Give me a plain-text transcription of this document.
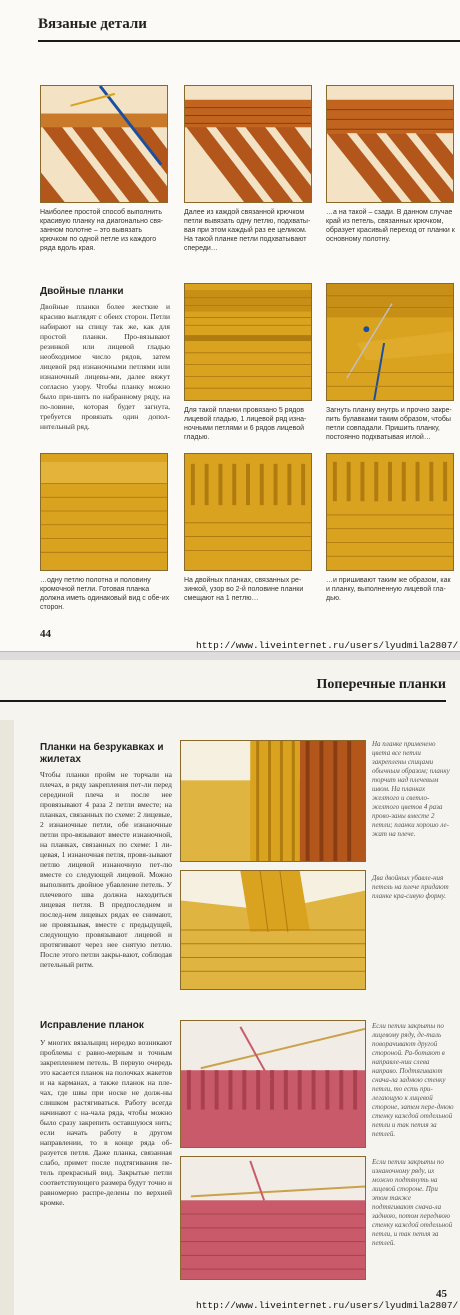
Вязаные детали
Наиболее простой способ выполнить красивую планку на диагонально свя-занном полотне – это вывязать крючком по одной петле из каждого ряда вдоль края.
Далее из каждой связанной крючком петли вывязать одну петлю, подхваты-вая при этом каждый раз ее целиком. На такой планке петли подхватывают спереди…
…а на такой – сзади. В данном случае край из петель, связанных крючком, образует красивый переход от планки к основному полотну.
Двойные планки
Двойные планки более жесткие и красиво выглядят с обеих сторон. Петли набирают на спицу так же, как для простой планки. Про-вязывают резинкой или лицевой гладью необходимое число рядов, затем лицевой ряд изнаночными петлями или изнаночный лицевы-ми, далее вяжут согласно узору. Чтобы планку можно было при-шить по набранному ряду, на по-ловине, которая будет загнута, требуется провязать один допол-нительный ряд.
Для такой планки провязано 5 рядов лицевой гладью, 1 лицевой ряд изна-ночными петлями и 6 рядов лицевой гладью.
Загнуть планку внутрь и прочно закре-пить булавками таким образом, чтобы петли совпадали. Пришить планку, постоянно подхватывая иглой…
…одну петлю полотна и половину кромочной петли. Готовая планка должна иметь одинаковый вид с обе-их сторон.
На двойных планках, связанных ре-зинкой, узор во 2-й половине планки смещают на 1 петлю…
…и пришивают таким же образом, как и планку, выполненную лицевой гла-дью.
44
http://www.liveinternet.ru/users/lyudmila2807/
Поперечные планки
Планки на безрукавках и жилетах
Чтобы планки пройм не торчали на плечах, в ряду закрепления пет-ли перед серединой плеча и после нее провязывают 4 раза 2 петли вместе; на планках, связанных по схеме: 2 лицевые, 2 изнаночные петли, обе изнаночные петли про-вязывают вместе изнаночной, на планках, связанных по схеме: 1 ли-цевая, 1 изнаночная петля, провя-зывают петлю лицевой изнаночную пет-лю вместе со следующей лицевой. Можно выполнить двойное убавление петель. У плечевого шва должна находиться лицевая петля. В предпоследнем и послед-нем лицевых рядах ее снимают, не провязывая, вместе с предыдущей, следующую провязывают лицевой и протягивают через нее снятую петлю. После этого петли закры-вают, соблюдая петельный ритм.
На планке применено цвета все петли закреплены спицами обычным образом; планку торчит над плечевым швом. На планках желтого и светло-желтого цветов 4 раза прово-заны вместе 2 петли; планки хорошо ле-жат на плече.
Два двойных убавле-ния петель на плече придают планке кра-сивую форму.
Исправление планок
У многих вязальщиц нередко возникают проблемы с равно-мерным и точным закреплением петель. В первую очередь это касается планок на полочках жакетов и на карманах, а также планок на пле-чах, где швы при носке не долж-ны слишком растягиваться. Работу всегда начинают с на-чала ряда, чтобы можно было сразу закрепить оставшуюся нить; если начать работу в другом направлении, то в конце ряда об-разуется петля. Даже планка, связанная слабо, примет после подтягивания пе-тель прекрасный вид. Закрытые петли соответствующего размера будут точно и равномерно распре-делены по верхней кромке.
Если петли закрыты по лицевому ряду, де-таль поворачивают другой стороной. Ра-ботают в направле-нии слева направо. Подтягивают снача-ла заднюю стенку петли, то есть при-легающую к лицевой стороне, затем пере-днюю стенку каждой отдельной петли и так петля за петлей.
Если петли закрыты по изнаночному ряду, их можно подтянуть на лицевой стороне. При этом также подтягивают снача-ла заднюю, потом переднюю стенку каждой отдельной петли, и так петля за петлей.
45
http://www.liveinternet.ru/users/lyudmila2807/
